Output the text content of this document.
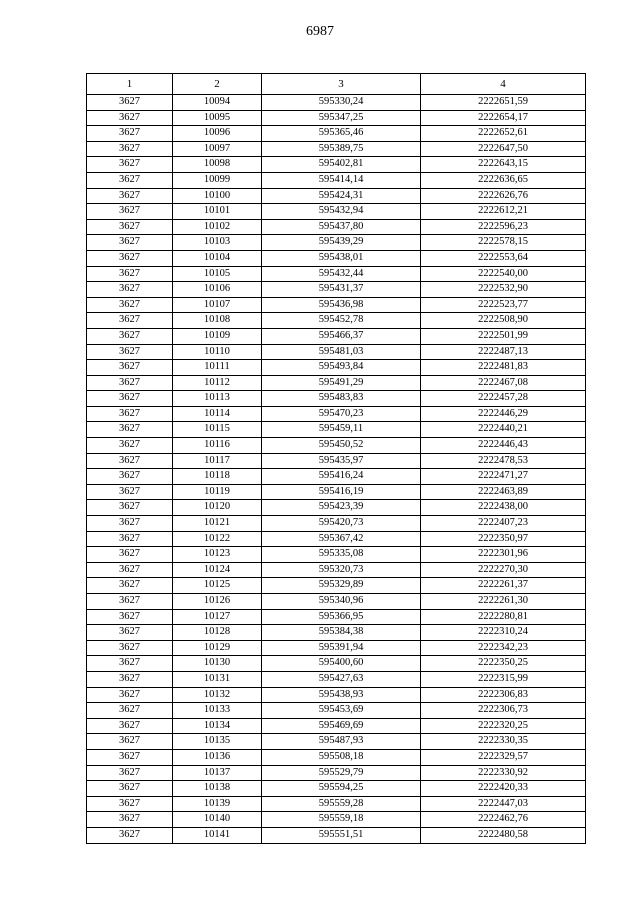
6987
1	2	3	4
3627	10094	595330,24	2222651,59
3627	10095	595347,25	2222654,17
3627	10096	595365,46	2222652,61
3627	10097	595389,75	2222647,50
3627	10098	595402,81	2222643,15
3627	10099	595414,14	2222636,65
3627	10100	595424,31	2222626,76
3627	10101	595432,94	2222612,21
3627	10102	595437,80	2222596,23
3627	10103	595439,29	2222578,15
3627	10104	595438,01	2222553,64
3627	10105	595432,44	2222540,00
3627	10106	595431,37	2222532,90
3627	10107	595436,98	2222523,77
3627	10108	595452,78	2222508,90
3627	10109	595466,37	2222501,99
3627	10110	595481,03	2222487,13
3627	10111	595493,84	2222481,83
3627	10112	595491,29	2222467,08
3627	10113	595483,83	2222457,28
3627	10114	595470,23	2222446,29
3627	10115	595459,11	2222440,21
3627	10116	595450,52	2222446,43
3627	10117	595435,97	2222478,53
3627	10118	595416,24	2222471,27
3627	10119	595416,19	2222463,89
3627	10120	595423,39	2222438,00
3627	10121	595420,73	2222407,23
3627	10122	595367,42	2222350,97
3627	10123	595335,08	2222301,96
3627	10124	595320,73	2222270,30
3627	10125	595329,89	2222261,37
3627	10126	595340,96	2222261,30
3627	10127	595366,95	2222280,81
3627	10128	595384,38	2222310,24
3627	10129	595391,94	2222342,23
3627	10130	595400,60	2222350,25
3627	10131	595427,63	2222315,99
3627	10132	595438,93	2222306,83
3627	10133	595453,69	2222306,73
3627	10134	595469,69	2222320,25
3627	10135	595487,93	2222330,35
3627	10136	595508,18	2222329,57
3627	10137	595529,79	2222330,92
3627	10138	595594,25	2222420,33
3627	10139	595559,28	2222447,03
3627	10140	595559,18	2222462,76
3627	10141	595551,51	2222480,58
